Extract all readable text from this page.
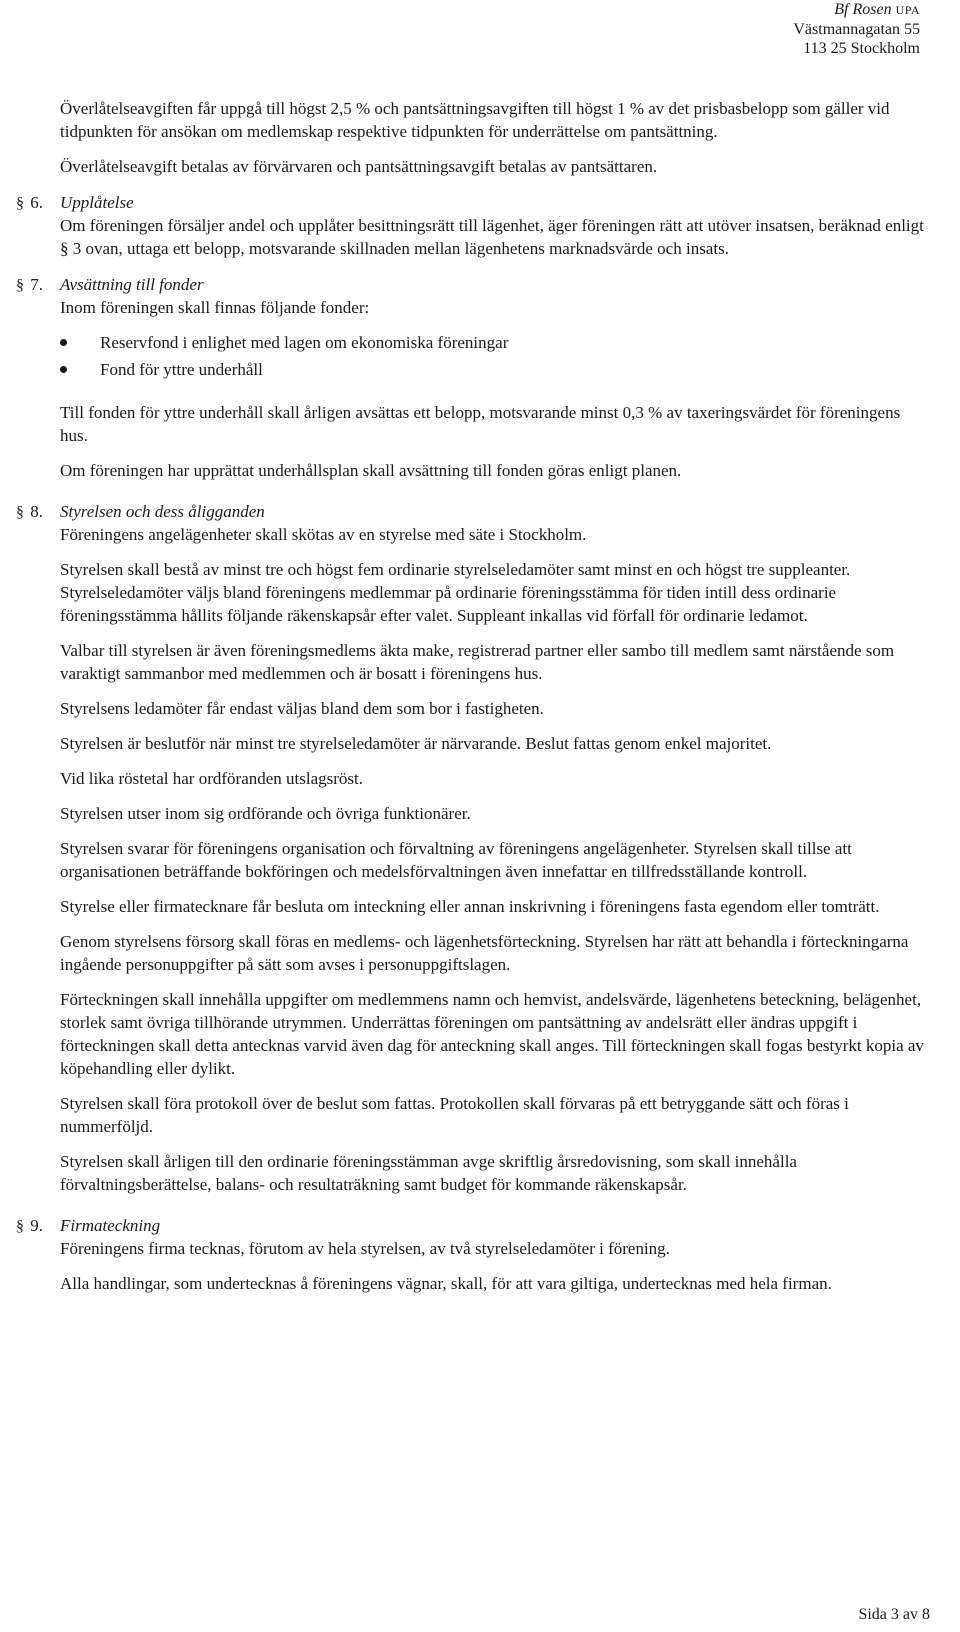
Bf Rosen UPA
Västmannagatan 55
113 25 Stockholm

Överlåtelseavgiften får uppgå till högst 2,5 % och pantsättningsavgiften till högst 1 % av det prisbasbelopp som gäller vid tidpunkten för ansökan om medlemskap respektive tidpunkten för underrättelse om pantsättning.

Överlåtelseavgift betalas av förvärvaren och pantsättningsavgift betalas av pantsättaren.

§ 6. Upplåtelse

Om föreningen försäljer andel och upplåter besittningsrätt till lägenhet, äger föreningen rätt att utöver insatsen, beräknad enligt § 3 ovan, uttaga ett belopp, motsvarande skillnaden mellan lägenhetens marknadsvärde och insats.

§ 7. Avsättning till fonder

Inom föreningen skall finnas följande fonder:

Reservfond i enlighet med lagen om ekonomiska föreningar
Fond för yttre underhåll

Till fonden för yttre underhåll skall årligen avsättas ett belopp, motsvarande minst 0,3 % av taxeringsvärdet för föreningens hus.

Om föreningen har upprättat underhållsplan skall avsättning till fonden göras enligt planen.

§ 8. Styrelsen och dess åligganden

Föreningens angelägenheter skall skötas av en styrelse med säte i Stockholm.

Styrelsen skall bestå av minst tre och högst fem ordinarie styrelseledamöter samt minst en och högst tre suppleanter. Styrelseledamöter väljs bland föreningens medlemmar på ordinarie föreningsstämma för tiden intill dess ordinarie föreningsstämma hållits följande räkenskapsår efter valet. Suppleant inkallas vid förfall för ordinarie ledamot.

Valbar till styrelsen är även föreningsmedlems äkta make, registrerad partner eller sambo till medlem samt närstående som varaktigt sammanbor med medlemmen och är bosatt i föreningens hus.

Styrelsens ledamöter får endast väljas bland dem som bor i fastigheten.

Styrelsen är beslutför när minst tre styrelseledamöter är närvarande. Beslut fattas genom enkel majoritet.

Vid lika röstetal har ordföranden utslagsröst.

Styrelsen utser inom sig ordförande och övriga funktionärer.

Styrelsen svarar för föreningens organisation och förvaltning av föreningens angelägenheter. Styrelsen skall tillse att organisationen beträffande bokföringen och medelsförvaltningen även innefattar en tillfredsställande kontroll.

Styrelse eller firmatecknare får besluta om inteckning eller annan inskrivning i föreningens fasta egendom eller tomträtt.

Genom styrelsens försorg skall föras en medlems- och lägenhetsförteckning. Styrelsen har rätt att behandla i förteckningarna ingående personuppgifter på sätt som avses i personuppgiftslagen.

Förteckningen skall innehålla uppgifter om medlemmens namn och hemvist, andelsvärde, lägenhetens beteckning, belägenhet, storlek samt övriga tillhörande utrymmen. Underrättas föreningen om pantsättning av andelsrätt eller ändras uppgift i förteckningen skall detta antecknas varvid även dag för anteckning skall anges. Till förteckningen skall fogas bestyrkt kopia av köpehandling eller dylikt.

Styrelsen skall föra protokoll över de beslut som fattas. Protokollen skall förvaras på ett betryggande sätt och föras i nummerföljd.

Styrelsen skall årligen till den ordinarie föreningsstämman avge skriftlig årsredovisning, som skall innehålla förvaltningsberättelse, balans- och resultaträkning samt budget för kommande räkenskapsår.

§ 9. Firmateckning

Föreningens firma tecknas, förutom av hela styrelsen, av två styrelseledamöter i förening.

Alla handlingar, som undertecknas å föreningens vägnar, skall, för att vara giltiga, undertecknas med hela firman.

Sida 3 av 8
